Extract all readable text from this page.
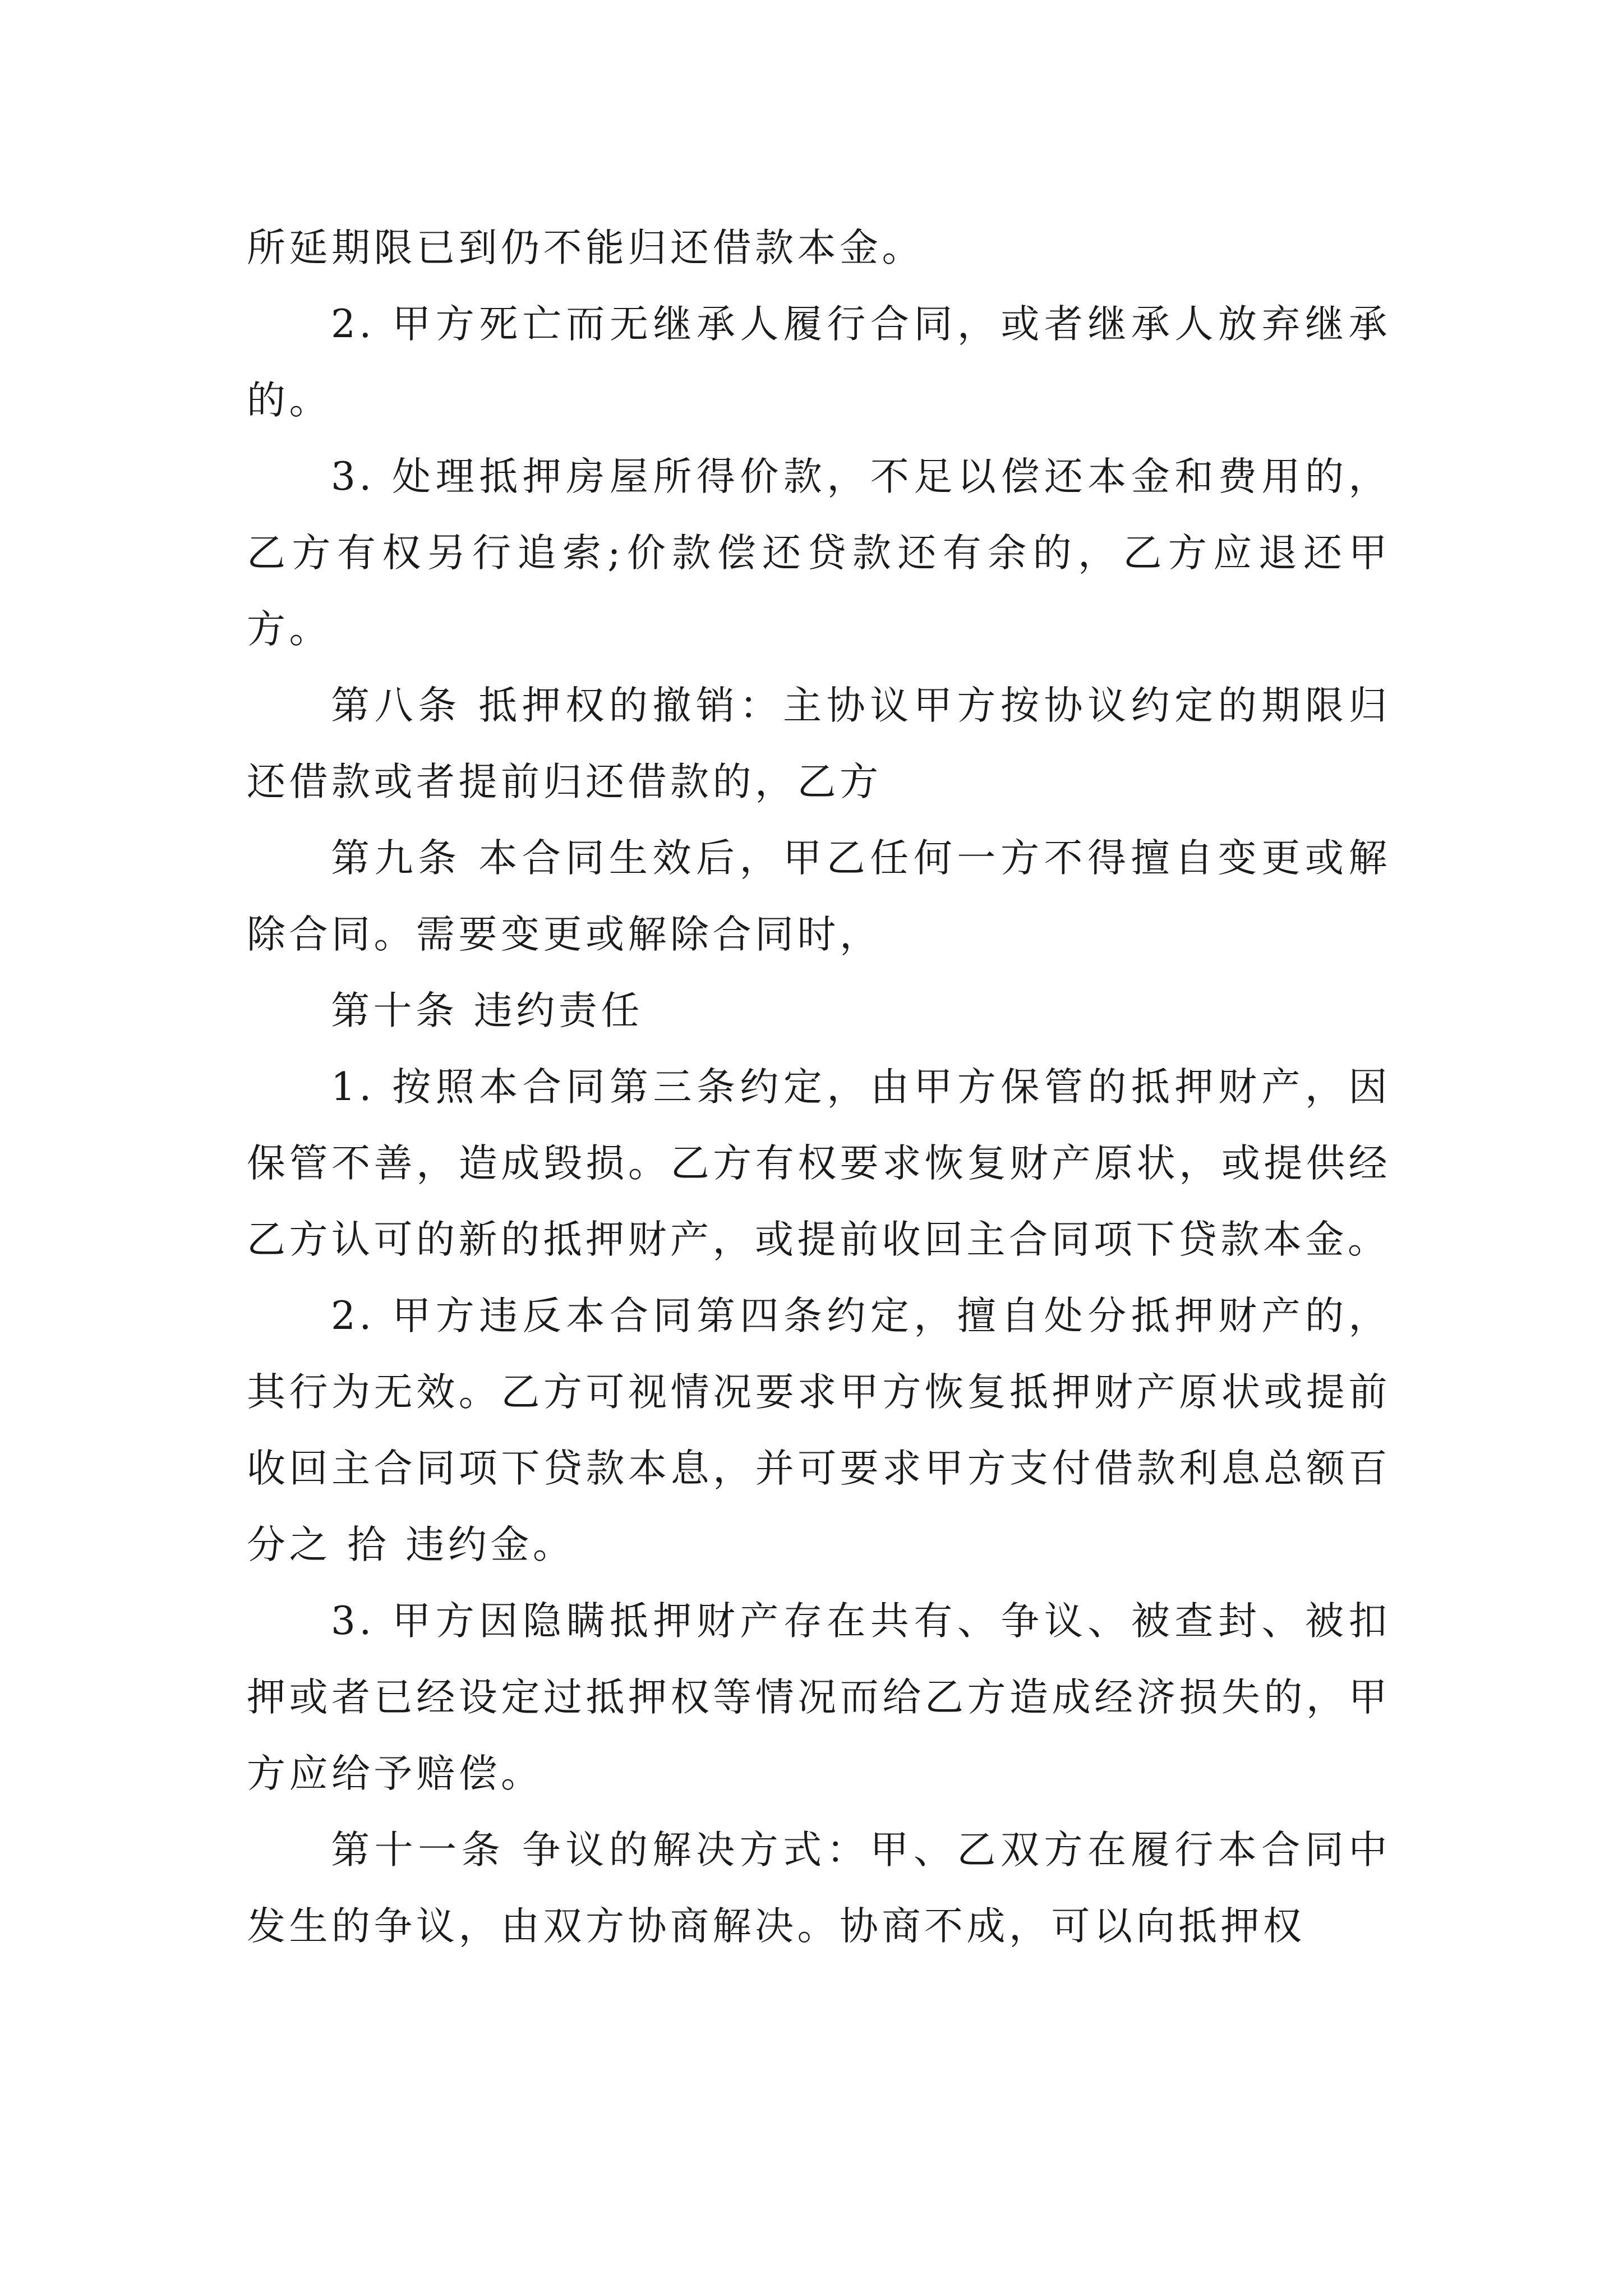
所延期限已到仍不能归还借款本金。

2. 甲方死亡而无继承人履行合同，或者继承人放弃继承的。

3. 处理抵押房屋所得价款，不足以偿还本金和费用的，乙方有权另行追索;价款偿还贷款还有余的，乙方应退还甲方。

第八条 抵押权的撤销：主协议甲方按协议约定的期限归还借款或者提前归还借款的，乙方

第九条 本合同生效后，甲乙任何一方不得擅自变更或解除合同。需要变更或解除合同时，

第十条 违约责任

1. 按照本合同第三条约定，由甲方保管的抵押财产，因保管不善，造成毁损。乙方有权要求恢复财产原状，或提供经乙方认可的新的抵押财产，或提前收回主合同项下贷款本金。

2. 甲方违反本合同第四条约定，擅自处分抵押财产的，其行为无效。乙方可视情况要求甲方恢复抵押财产原状或提前收回主合同项下贷款本息，并可要求甲方支付借款利息总额百分之 拾 违约金。

3. 甲方因隐瞒抵押财产存在共有、争议、被查封、被扣押或者已经设定过抵押权等情况而给乙方造成经济损失的，甲方应给予赔偿。

第十一条 争议的解决方式：甲、乙双方在履行本合同中发生的争议，由双方协商解决。协商不成，可以向抵押权
